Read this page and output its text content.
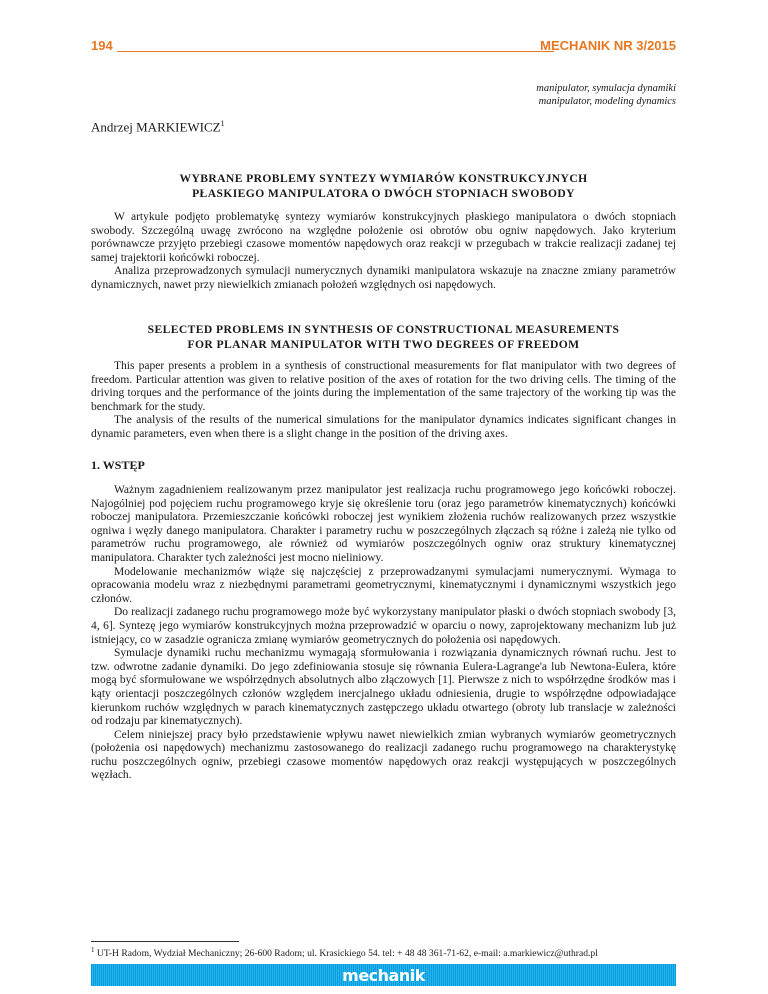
194	MECHANIK NR 3/2015
manipulator, symulacja dynamiki
manipulator, modeling dynamics
Andrzej MARKIEWICZ$^1$
WYBRANE PROBLEMY SYNTEZY WYMIARÓW KONSTRUKCYJNYCH
PŁASKIEGO MANIPULATORA O DWÓCH STOPNIACH SWOBODY

W artykule podjęto problematykę syntezy wymiarów konstrukcyjnych płaskiego manipulatora o dwóch stopniach swobody. Szczególną uwagę zwrócono na względne położenie osi obrotów obu ogniw napędowych. Jako kryterium porównawcze przyjęto przebiegi czasowe momentów napędowych oraz reakcji w przegubach w trakcie realizacji zadanej tej samej trajektorii końcówki roboczej.

Analiza przeprowadzonych symulacji numerycznych dynamiki manipulatora wskazuje na znaczne zmiany parametrów dynamicznych, nawet przy niewielkich zmianach położeń względnych osi napędowych.

SELECTED PROBLEMS IN SYNTHESIS OF CONSTRUCTIONAL MEASUREMENTS
FOR PLANAR MANIPULATOR WITH TWO DEGREES OF FREEDOM

This paper presents a problem in a synthesis of constructional measurements for flat manipulator with two degrees of freedom. Particular attention was given to relative position of the axes of rotation for the two driving cells. The timing of the driving torques and the performance of the joints during the implementation of the same trajectory of the working tip was the benchmark for the study.

The analysis of the results of the numerical simulations for the manipulator dynamics indicates significant changes in dynamic parameters, even when there is a slight change in the position of the driving axes.

1. WSTĘP

Ważnym zagadnieniem realizowanym przez manipulator jest realizacja ruchu programowego jego końcówki roboczej. Najogólniej pod pojęciem ruchu programowego kryje się określenie toru (oraz jego parametrów kinematycznych) końcówki roboczej manipulatora. Przemieszczanie końcówki roboczej jest wynikiem złożenia ruchów realizowanych przez wszystkie ogniwa i węzły danego manipulatora. Charakter i parametry ruchu w poszczególnych złączach są różne i zależą nie tylko od parametrów ruchu programowego, ale również od wymiarów poszczególnych ogniw oraz struktury kinematycznej manipulatora. Charakter tych zależności jest mocno nieliniowy.

Modelowanie mechanizmów wiąże się najczęściej z przeprowadzanymi symulacjami numerycznymi. Wymaga to opracowania modelu wraz z niezbędnymi parametrami geometrycznymi, kinematycznymi i dynamicznymi wszystkich jego członów.

Do realizacji zadanego ruchu programowego może być wykorzystany manipulator płaski o dwóch stopniach swobody [3, 4, 6]. Syntezę jego wymiarów konstrukcyjnych można przeprowadzić w oparciu o nowy, zaprojektowany mechanizm lub już istniejący, co w zasadzie ogranicza zmianę wymiarów geometrycznych do położenia osi napędowych.

Symulacje dynamiki ruchu mechanizmu wymagają sformułowania i rozwiązania dynamicznych równań ruchu. Jest to tzw. odwrotne zadanie dynamiki. Do jego zdefiniowania stosuje się równania Eulera-Lagrange'a lub Newtona-Eulera, które mogą być sformułowane we współrzędnych absolutnych albo złączowych [1]. Pierwsze z nich to współrzędne środków mas i kąty orientacji poszczególnych członów względem inercjalnego układu odniesienia, drugie to współrzędne odpowiadające kierunkom ruchów względnych w parach kinematycznych zastępczego układu otwartego (obroty lub translacje w zależności od rodzaju par kinematycznych).

Celem niniejszej pracy było przedstawienie wpływu nawet niewielkich zmian wybranych wymiarów geometrycznych (położenia osi napędowych) mechanizmu zastosowanego do realizacji zadanego ruchu programowego na charakterystykę ruchu poszczególnych ogniw, przebiegi czasowe momentów napędowych oraz reakcji występujących w poszczególnych węzłach.

$^1$ UT-H Radom, Wydział Mechaniczny; 26-600 Radom; ul. Krasickiego 54. tel: + 48 48 361-71-62, e-mail: a.markiewicz@uthrad.pl
mechanik
